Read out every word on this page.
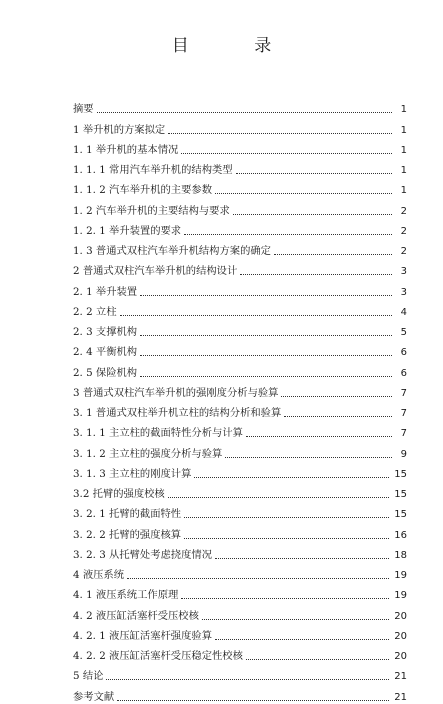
目 录
摘要	1
1 举升机的方案拟定	1
1. 1 举升机的基本情况	1
1. 1. 1 常用汽车举升机的结构类型	1
1. 1. 2 汽车举升机的主要参数	1
1. 2 汽车举升机的主要结构与要求	2
1. 2. 1 举升装置的要求	2
1. 3 普通式双柱汽车举升机结构方案的确定	2
2 普通式双柱汽车举升机的结构设计	3
2. 1 举升装置	3
2. 2 立柱	4
2. 3 支撑机构	5
2. 4 平衡机构	6
2. 5 保险机构	6
3 普通式双柱汽车举升机的强刚度分析与验算	7
3. 1 普通式双柱举升机立柱的结构分析和验算	7
3. 1. 1 主立柱的截面特性分析与计算	7
3. 1. 2 主立柱的强度分析与验算	9
3. 1. 3 主立柱的刚度计算	15
3.2 托臂的强度校核	15
3. 2. 1 托臂的截面特性	15
3. 2. 2 托臂的强度核算	16
3. 2. 3 从托臂处考虑挠度情况	18
4 液压系统	19
4. 1 液压系统工作原理	19
4. 2 液压缸活塞杆受压校核	20
4. 2. 1 液压缸活塞杆强度验算	20
4. 2. 2 液压缸活塞杆受压稳定性校核	20
5 结论	21
参考文献	21
